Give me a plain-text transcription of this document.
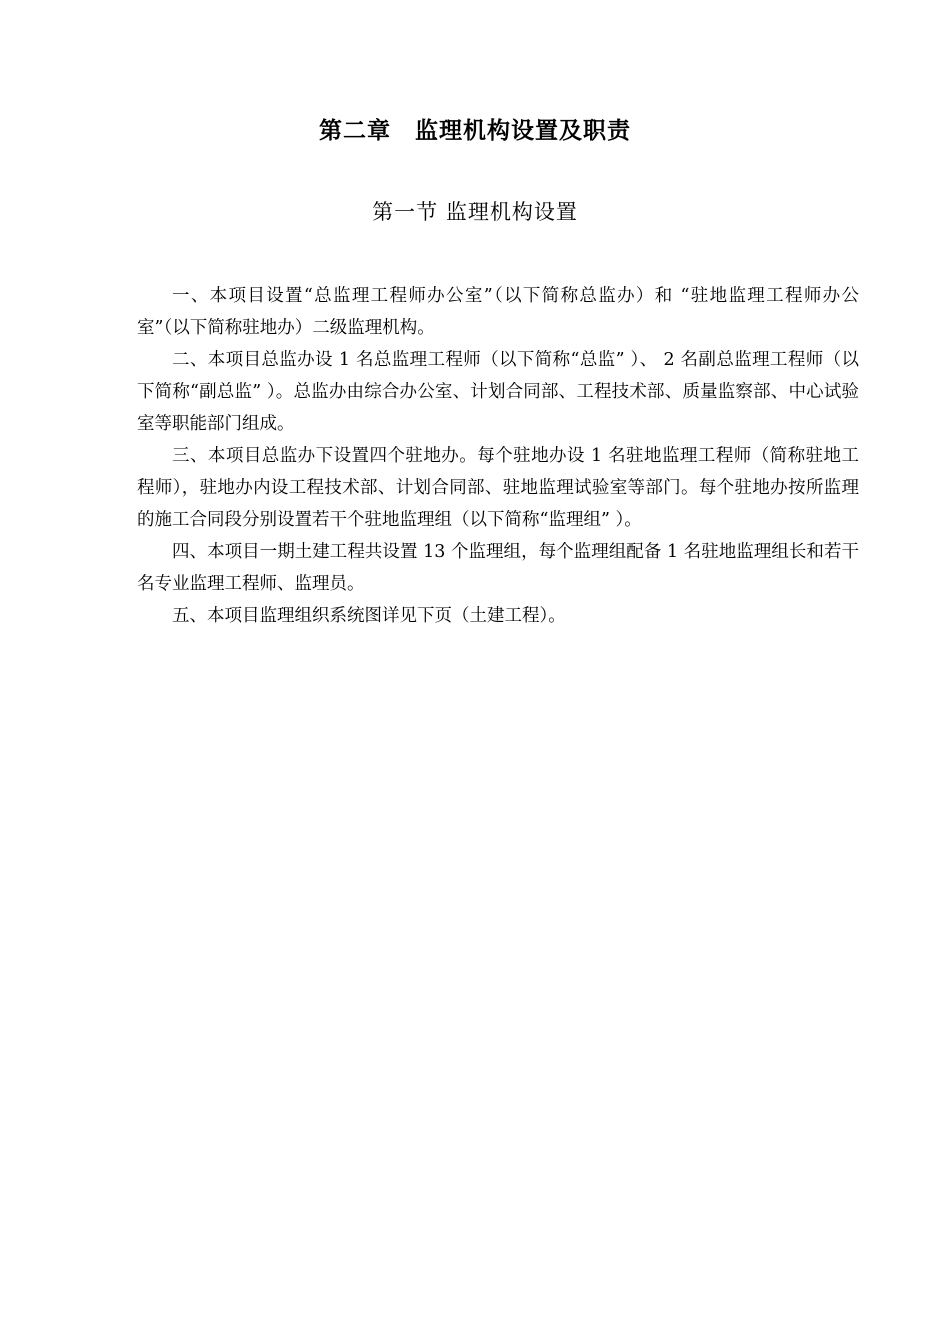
第二章　监理机构设置及职责
第一节 监理机构设置

一、本项目设置“总监理工程师办公室”（以下简称总监办）和 “驻地监理工程师办公室”（以下简称驻地办）二级监理机构。

二、本项目总监办设 1 名总监理工程师（以下简称“总监” ）、 2 名副总监理工程师（以下简称“副总监” ）。总监办由综合办公室、计划合同部、工程技术部、质量监察部、中心试验室等职能部门组成。

三、本项目总监办下设置四个驻地办。每个驻地办设 1 名驻地监理工程师（简称驻地工程师），驻地办内设工程技术部、计划合同部、驻地监理试验室等部门。每个驻地办按所监理的施工合同段分别设置若干个驻地监理组（以下简称“监理组” ）。

四、本项目一期土建工程共设置 13 个监理组，每个监理组配备 1 名驻地监理组长和若干名专业监理工程师、监理员。

五、本项目监理组织系统图详见下页（土建工程）。
